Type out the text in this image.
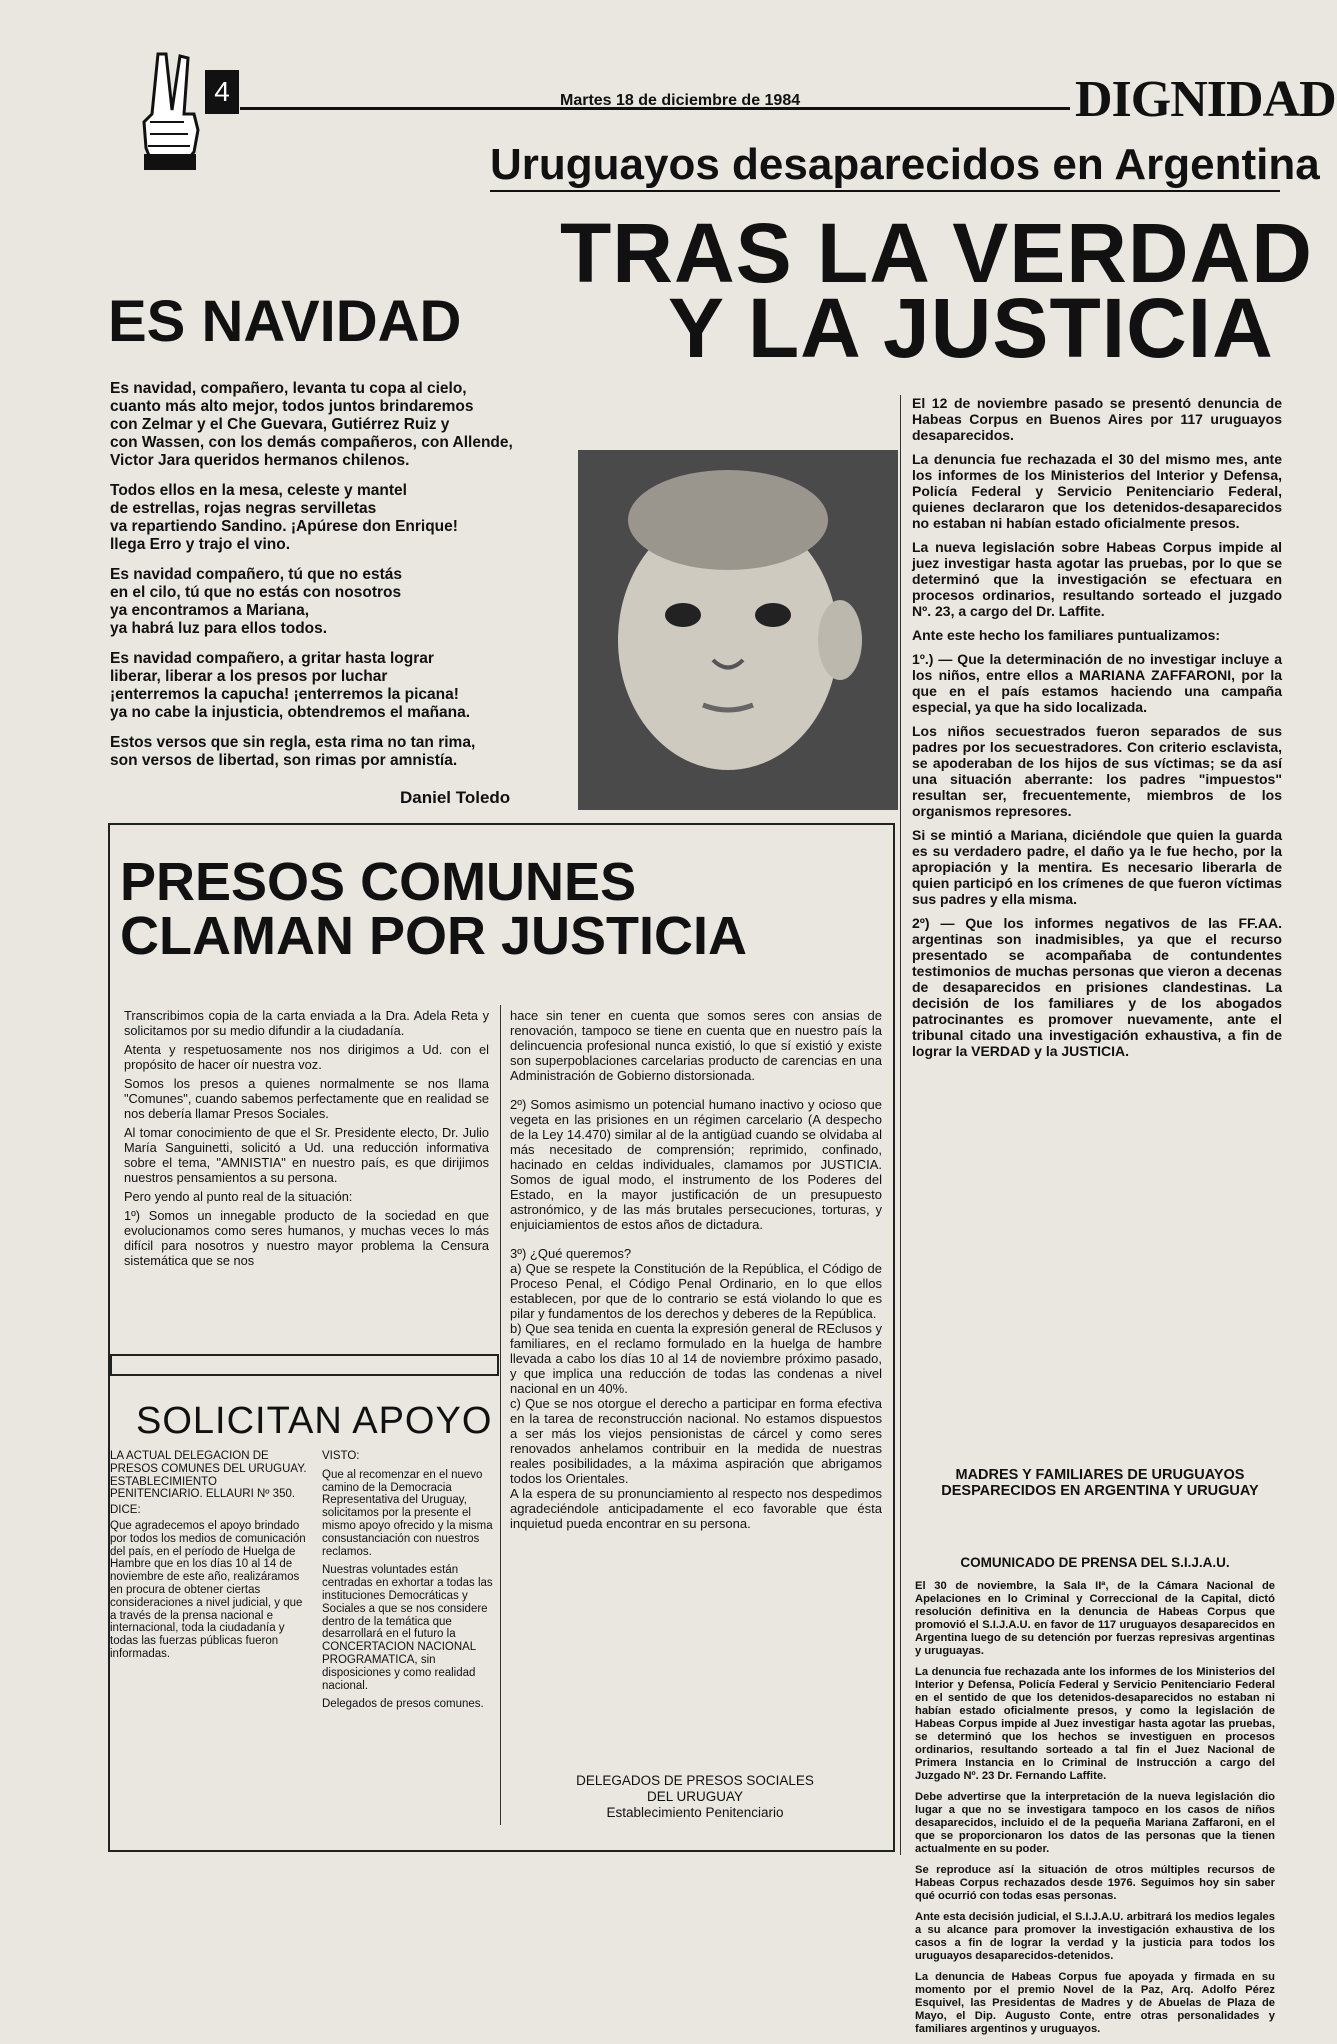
4	Martes 18 de diciembre de 1984	DIGNIDAD
Uruguayos desaparecidos en Argentina
TRAS LA VERDAD
Y LA JUSTICIA
ES NAVIDAD

Es navidad, compañero, levanta tu copa al cielo,
cuanto más alto mejor, todos juntos brindaremos
con Zelmar y el Che Guevara, Gutiérrez Ruiz y
con Wassen, con los demás compañeros, con Allende,
Victor Jara queridos hermanos chilenos.

Todos ellos en la mesa, celeste y mantel
de estrellas, rojas negras servilletas
va repartiendo Sandino. ¡Apúrese don Enrique!
llega Erro y trajo el vino.

Es navidad compañero, tú que no estás
en el cilo, tú que no estás con nosotros
ya encontramos a Mariana,
ya habrá luz para ellos todos.

Es navidad compañero, a gritar hasta lograr
liberar, liberar a los presos por luchar
¡enterremos la capucha! ¡enterremos la picana!
ya no cabe la injusticia, obtendremos el mañana.

Estos versos que sin regla, esta rima no tan rima,
son versos de libertad, son rimas por amnistía.

Daniel Toledo

El 12 de noviembre pasado se presentó denuncia de Habeas Corpus en Buenos Aires por 117 uruguayos desaparecidos.

La denuncia fue rechazada el 30 del mismo mes, ante los informes de los Ministerios del Interior y Defensa, Policía Federal y Servicio Penitenciario Federal, quienes declararon que los detenidos-desaparecidos no estaban ni habían estado oficialmente presos.

La nueva legislación sobre Habeas Corpus impide al juez investigar hasta agotar las pruebas, por lo que se determinó que la investigación se efectuara en procesos ordinarios, resultando sorteado el juzgado Nº. 23, a cargo del Dr. Laffite.

Ante este hecho los familiares puntualizamos:

1º.) — Que la determinación de no investigar incluye a los niños, entre ellos a MARIANA ZAFFARONI, por la que en el país estamos haciendo una campaña especial, ya que ha sido localizada.

Los niños secuestrados fueron separados de sus padres por los secuestradores. Con criterio esclavista, se apoderaban de los hijos de sus víctimas; se da así una situación aberrante: los padres "impuestos" resultan ser, frecuentemente, miembros de los organismos represores.

Si se mintió a Mariana, diciéndole que quien la guarda es su verdadero padre, el daño ya le fue hecho, por la apropiación y la mentira. Es necesario liberarla de quien participó en los crímenes de que fueron víctimas sus padres y ella misma.

2º) — Que los informes negativos de las FF.AA. argentinas son inadmisibles, ya que el recurso presentado se acompañaba de contundentes testimonios de muchas personas que vieron a decenas de desaparecidos en prisiones clandestinas. La decisión de los familiares y de los abogados patrocinantes es promover nuevamente, ante el tribunal citado una investigación exhaustiva, a fin de lograr la VERDAD y la JUSTICIA.

MADRES Y FAMILIARES DE URUGUAYOS DESPARECIDOS EN ARGENTINA Y URUGUAY
COMUNICADO DE PRENSA DEL S.I.J.A.U.

El 30 de noviembre, la Sala IIª, de la Cámara Nacional de Apelaciones en lo Criminal y Correccional de la Capital, dictó resolución definitiva en la denuncia de Habeas Corpus que promovió el S.I.J.A.U. en favor de 117 uruguayos desaparecidos en Argentina luego de su detención por fuerzas represivas argentinas y uruguayas.

La denuncia fue rechazada ante los informes de los Ministerios del Interior y Defensa, Policía Federal y Servicio Penitenciario Federal en el sentido de que los detenidos-desaparecidos no estaban ni habían estado oficialmente presos, y como la legislación de Habeas Corpus impide al Juez investigar hasta agotar las pruebas, se determinó que los hechos se investiguen en procesos ordinarios, resultando sorteado a tal fin el Juez Nacional de Primera Instancia en lo Criminal de Instrucción a cargo del Juzgado Nº. 23 Dr. Fernando Laffite.

Debe advertirse que la interpretación de la nueva legislación dio lugar a que no se investigara tampoco en los casos de niños desaparecidos, incluido el de la pequeña Mariana Zaffaroni, en el que se proporcionaron los datos de las personas que la tienen actualmente en su poder.

Se reproduce así la situación de otros múltiples recursos de Habeas Corpus rechazados desde 1976. Seguimos hoy sin saber qué ocurrió con todas esas personas.

Ante esta decisión judicial, el S.I.J.A.U. arbitrará los medios legales a su alcance para promover la investigación exhaustiva de los casos a fin de lograr la verdad y la justicia para todos los uruguayos desaparecidos-detenidos.

La denuncia de Habeas Corpus fue apoyada y firmada en su momento por el premio Novel de la Paz, Arq. Adolfo Pérez Esquivel, las Presidentas de Madres y de Abuelas de Plaza de Mayo, el Dip. Augusto Conte, entre otras personalidades y familiares argentinos y uruguayos.

PRESOS COMUNES
CLAMAN POR JUSTICIA

Transcribimos copia de la carta enviada a la Dra. Adela Reta y solicitamos por su medio difundir a la ciudadanía.

Atenta y respetuosamente nos nos dirigimos a Ud. con el propósito de hacer oír nuestra voz.

Somos los presos a quienes normalmente se nos llama "Comunes", cuando sabemos perfectamente que en realidad se nos debería llamar Presos Sociales.

Al tomar conocimiento de que el Sr. Presidente electo, Dr. Julio María Sanguinetti, solicitó a Ud. una reducción informativa sobre el tema, "AMNISTIA" en nuestro país, es que dirijimos nuestros pensamientos a su persona.

Pero yendo al punto real de la situación:

1º) Somos un innegable producto de la sociedad en que evolucionamos como seres humanos, y muchas veces lo más difícil para nosotros y nuestro mayor problema la Censura sistemática que se nos

hace sin tener en cuenta que somos seres con ansias de renovación, tampoco se tiene en cuenta que en nuestro país la delincuencia profesional nunca existió, lo que sí existió y existe son superpoblaciones carcelarias producto de carencias en una Administración de Gobierno distorsionada.

2º) Somos asimismo un potencial humano inactivo y ocioso que vegeta en las prisiones en un régimen carcelario (A despecho de la Ley 14.470) similar al de la antigüad cuando se olvidaba al más necesitado de comprensión; reprimido, confinado, hacinado en celdas individuales, clamamos por JUSTICIA. Somos de igual modo, el instrumento de los Poderes del Estado, en la mayor justificación de un presupuesto astronómico, y de las más brutales persecuciones, torturas, y enjuiciamientos de estos años de dictadura.

3º) ¿Qué queremos?
a) Que se respete la Constitución de la República, el Código de Proceso Penal, el Código Penal Ordinario, en lo que ellos establecen, por que de lo contrario se está violando lo que es pilar y fundamentos de los derechos y deberes de la República.
b) Que sea tenida en cuenta la expresión general de REclusos y familiares, en el reclamo formulado en la huelga de hambre llevada a cabo los días 10 al 14 de noviembre próximo pasado, y que implica una reducción de todas las condenas a nivel nacional en un 40%.
c) Que se nos otorgue el derecho a participar en forma efectiva en la tarea de reconstrucción nacional. No estamos dispuestos a ser más los viejos pensionistas de cárcel y como seres renovados anhelamos contribuir en la medida de nuestras reales posibilidades, a la máxima aspiración que abrigamos todos los Orientales.
A la espera de su pronunciamiento al respecto nos despedimos agradeciéndole anticipadamente el eco favorable que ésta inquietud pueda encontrar en su persona.

DELEGADOS DE PRESOS SOCIALES
DEL URUGUAY
Establecimiento Penitenciario
SOLICITAN APOYO

LA ACTUAL DELEGACION DE PRESOS COMUNES DEL URUGUAY. ESTABLECIMIENTO PENITENCIARIO. ELLAURI Nº 350.

DICE:

Que agradecemos el apoyo brindado por todos los medios de comunicación del país, en el período de Huelga de Hambre que en los días 10 al 14 de noviembre de este año, realizáramos en procura de obtener ciertas consideraciones a nivel judicial, y que a través de la prensa nacional e internacional, toda la ciudadanía y todas las fuerzas públicas fueron informadas.

VISTO:

Que al recomenzar en el nuevo camino de la Democracia Representativa del Uruguay, solicitamos por la presente el mismo apoyo ofrecido y la misma consustanciación con nuestros reclamos.

Nuestras voluntades están centradas en exhortar a todas las instituciones Democráticas y Sociales a que se nos considere dentro de la temática que desarrollará en el futuro la CONCERTACION NACIONAL PROGRAMATICA, sin disposiciones y como realidad nacional.

Delegados de presos comunes.
